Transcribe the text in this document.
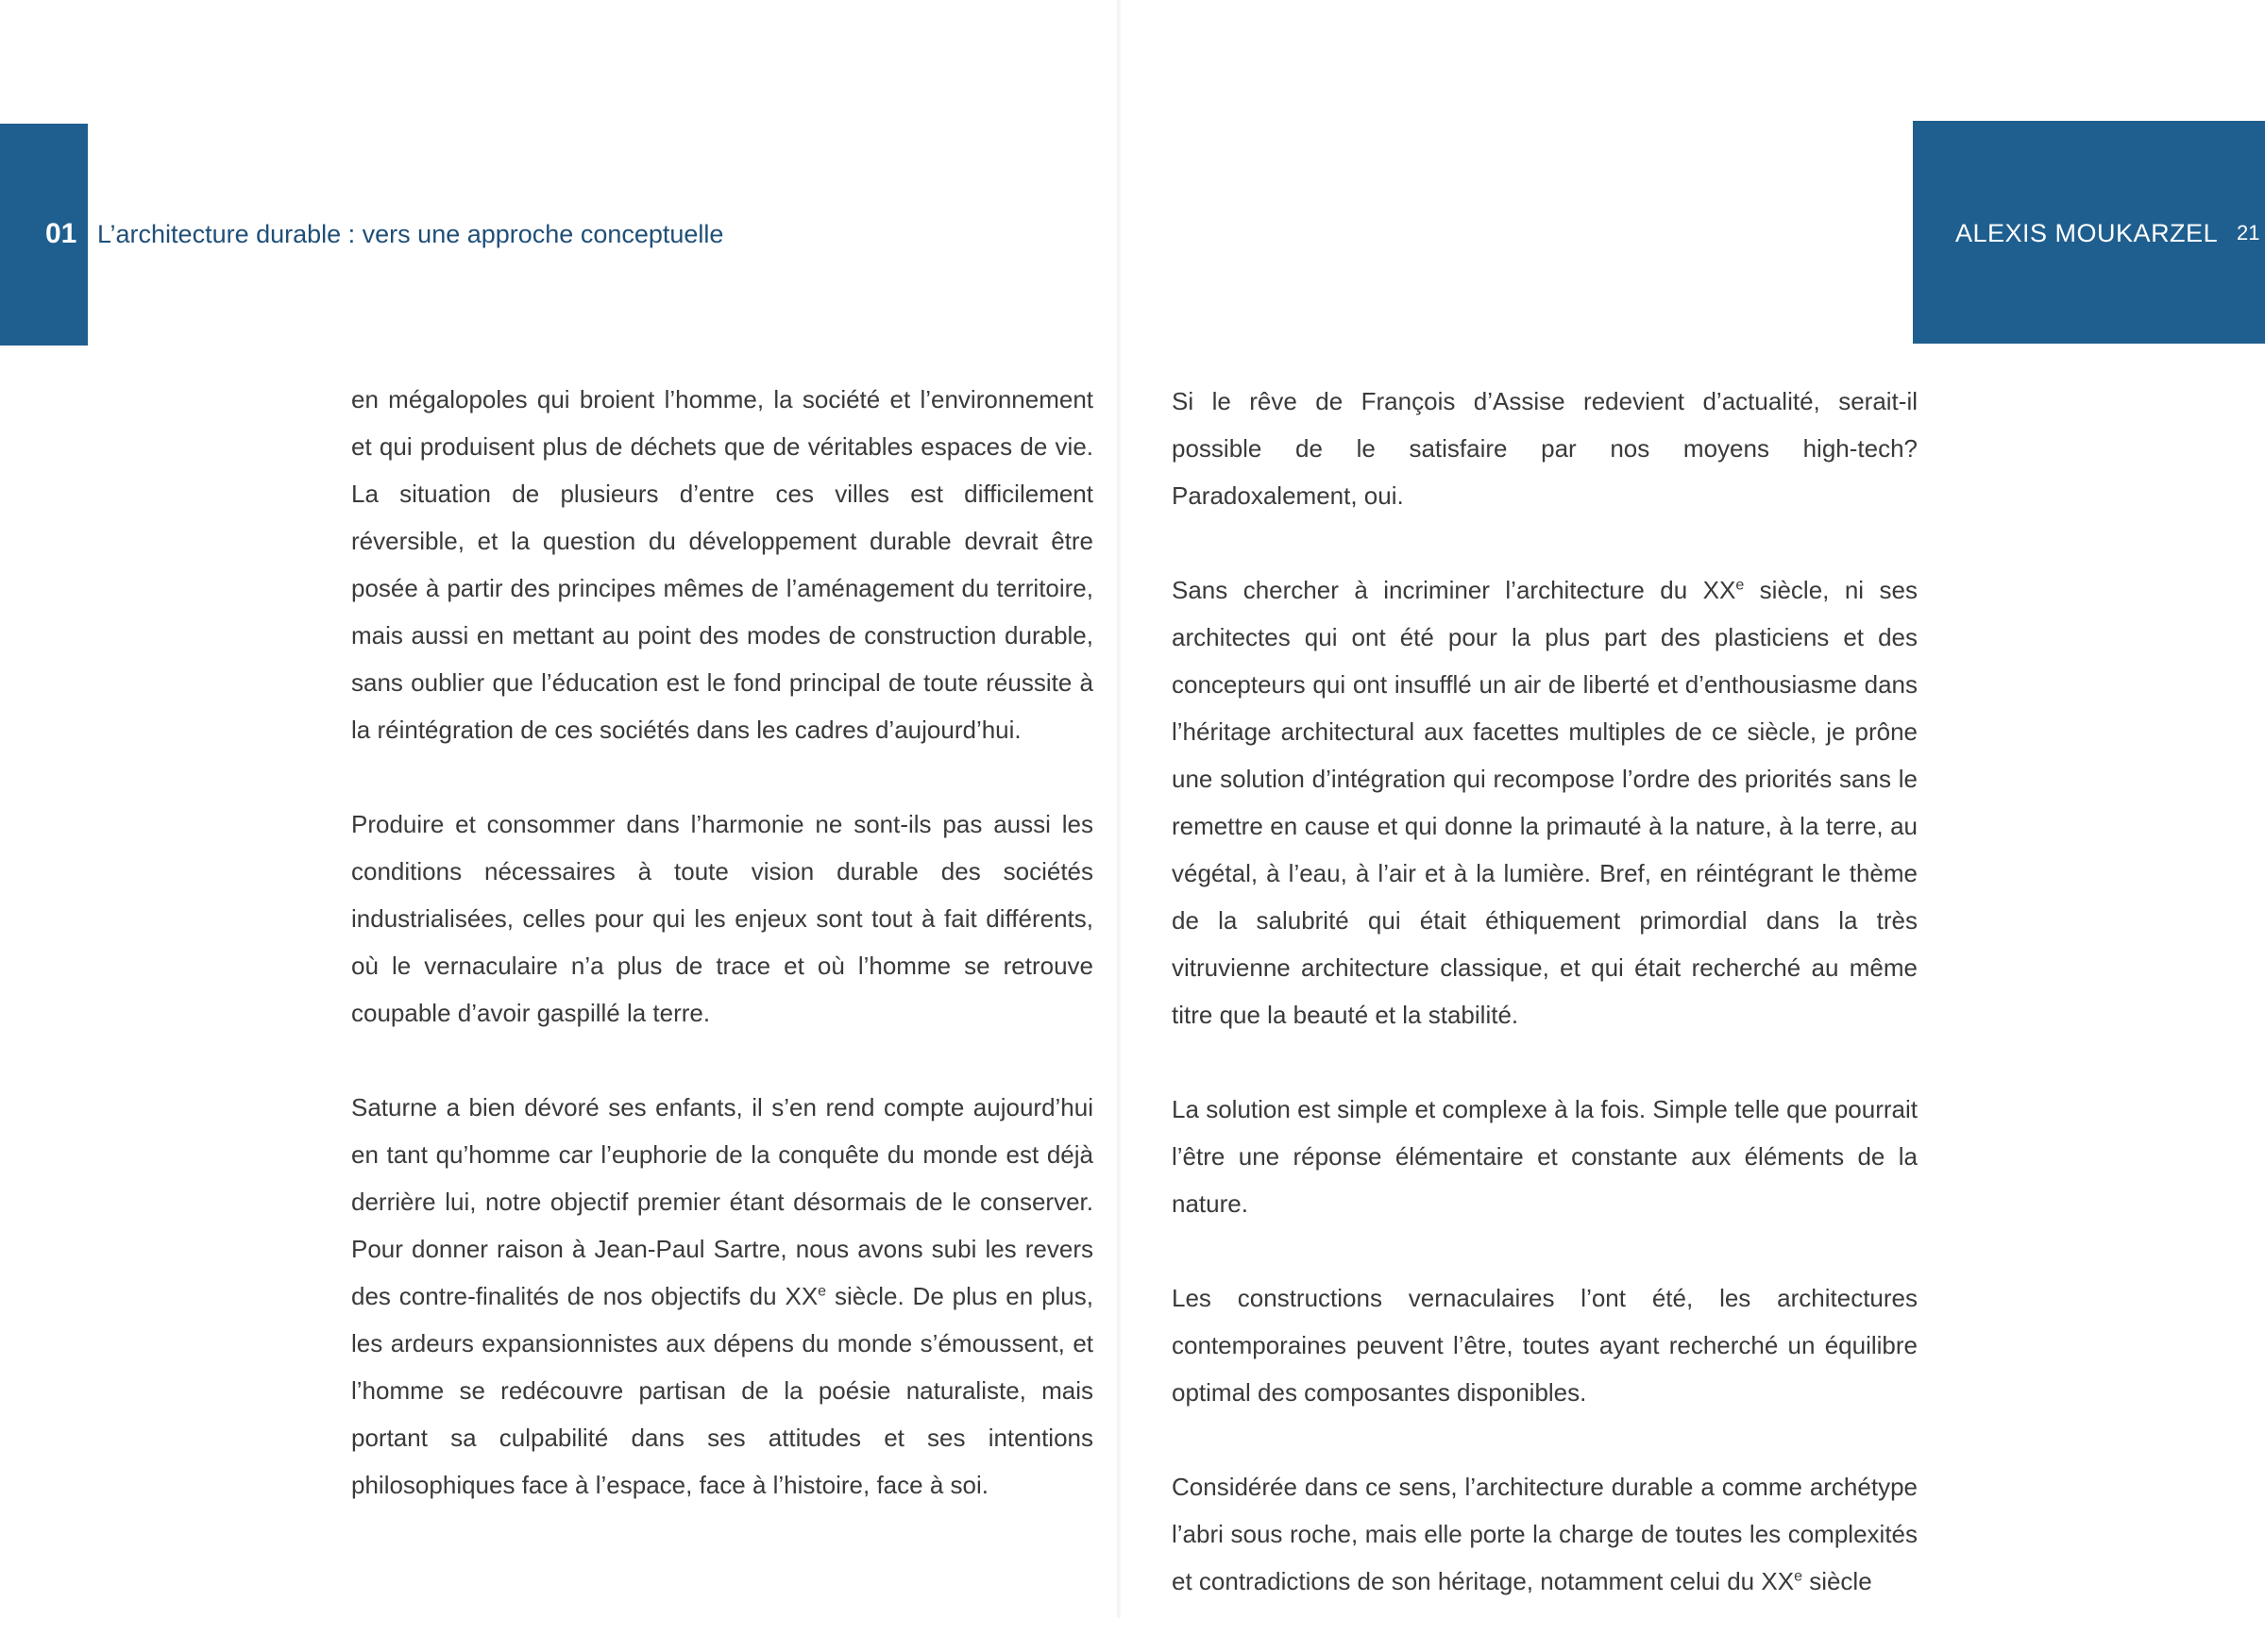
01 L’architecture durable : vers une approche conceptuelle	ALEXIS MOUKARZEL 21

en mégalopoles qui broient l’homme, la société et l’environnement et qui produisent plus de déchets que de véritables espaces de vie. La situation de plusieurs d’entre ces villes est difficilement réversible, et la question du développement durable devrait être posée à partir des principes mêmes de l’aménagement du territoire, mais aussi en mettant au point des modes de construction durable, sans oublier que l’éducation est le fond principal de toute réussite à la réintégration de ces sociétés dans les cadres d’aujourd’hui.

Produire et consommer dans l’harmonie ne sont-ils pas aussi les conditions nécessaires à toute vision durable des sociétés industrialisées, celles pour qui les enjeux sont tout à fait différents, où le vernaculaire n’a plus de trace et où l’homme se retrouve coupable d’avoir gaspillé la terre.

Saturne a bien dévoré ses enfants, il s’en rend compte aujourd’hui en tant qu’homme car l’euphorie de la conquête du monde est déjà derrière lui, notre objectif premier étant désormais de le conserver. Pour donner raison à Jean-Paul Sartre, nous avons subi les revers des contre-finalités de nos objectifs du XXe siècle. De plus en plus, les ardeurs expansionnistes aux dépens du monde s’émoussent, et l’homme se redécouvre partisan de la poésie naturaliste, mais portant sa culpabilité dans ses attitudes et ses intentions philosophiques face à l’espace, face à l’histoire, face à soi.

Si le rêve de François d’Assise redevient d’actualité, serait-il possible de le satisfaire par nos moyens high-tech? Paradoxalement, oui.

Sans chercher à incriminer l’architecture du XXe siècle, ni ses architectes qui ont été pour la plus part des plasticiens et des concepteurs qui ont insufflé un air de liberté et d’enthousiasme dans l’héritage architectural aux facettes multiples de ce siècle, je prône une solution d’intégration qui recompose l’ordre des priorités sans le remettre en cause et qui donne la primauté à la nature, à la terre, au végétal, à l’eau, à l’air et à la lumière. Bref, en réintégrant le thème de la salubrité qui était éthiquement primordial dans la très vitruvienne architecture classique, et qui était recherché au même titre que la beauté et la stabilité.

La solution est simple et complexe à la fois. Simple telle que pourrait l’être une réponse élémentaire et constante aux éléments de la nature.

Les constructions vernaculaires l’ont été, les architectures contemporaines peuvent l’être, toutes ayant recherché un équilibre optimal des composantes disponibles.

Considérée dans ce sens, l’architecture durable a comme archétype l’abri sous roche, mais elle porte la charge de toutes les complexités et contradictions de son héritage, notamment celui du XXe siècle
